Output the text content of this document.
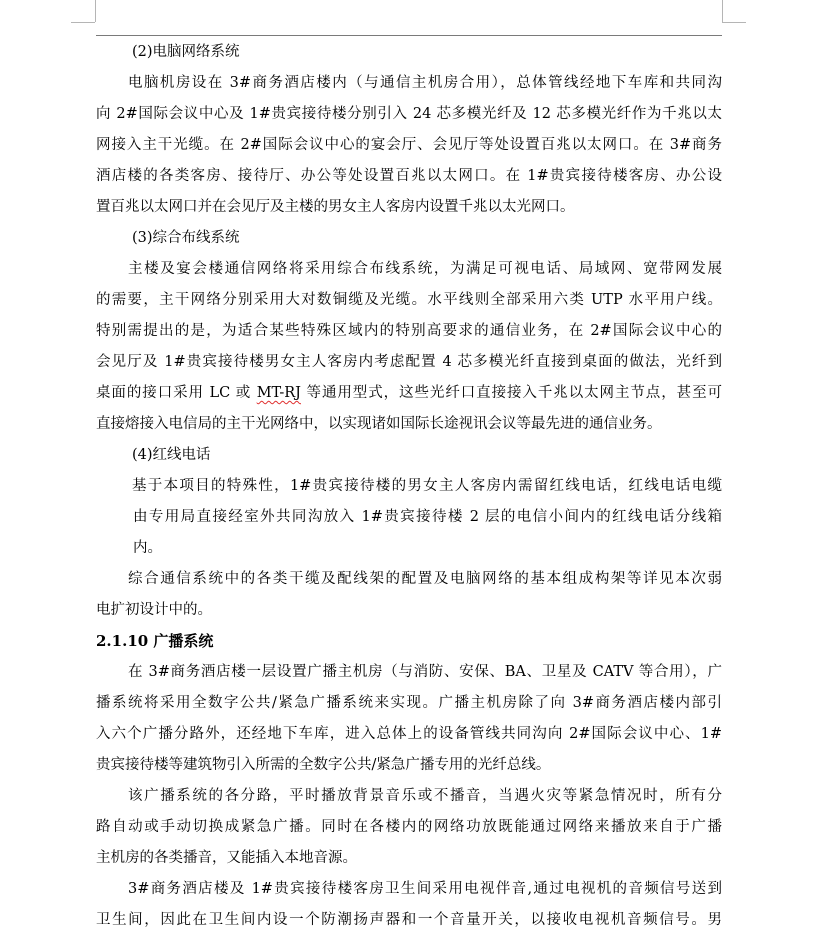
(2)电脑网络系统
电脑机房设在 3#商务酒店楼内（与通信主机房合用），总体管线经地下车库和共同沟
向 2#国际会议中心及 1#贵宾接待楼分别引入 24 芯多模光纤及 12 芯多模光纤作为千兆以太
网接入主干光缆。在 2#国际会议中心的宴会厅、会见厅等处设置百兆以太网口。在 3#商务
酒店楼的各类客房、接待厅、办公等处设置百兆以太网口。在 1#贵宾接待楼客房、办公设
置百兆以太网口并在会见厅及主楼的男女主人客房内设置千兆以太光网口。
(3)综合布线系统
主楼及宴会楼通信网络将采用综合布线系统，为满足可视电话、局域网、宽带网发展
的需要，主干网络分别采用大对数铜缆及光缆。水平线则全部采用六类 UTP 水平用户线。
特别需提出的是，为适合某些特殊区域内的特别高要求的通信业务，在 2#国际会议中心的
会见厅及 1#贵宾接待楼男女主人客房内考虑配置 4 芯多模光纤直接到桌面的做法，光纤到
桌面的接口采用 LC 或 MT-RJ 等通用型式，这些光纤口直接接入千兆以太网主节点，甚至可
直接熔接入电信局的主干光网络中，以实现诸如国际长途视讯会议等最先进的通信业务。
(4)红线电话
基于本项目的特殊性，1#贵宾接待楼的男女主人客房内需留红线电话，红线电话电缆
由专用局直接经室外共同沟放入 1#贵宾接待楼 2 层的电信小间内的红线电话分线箱
内。
综合通信系统中的各类干缆及配线架的配置及电脑网络的基本组成构架等详见本次弱
电扩初设计中的。
2.1.10 广播系统
在 3#商务酒店楼一层设置广播主机房（与消防、安保、BA、卫星及 CATV 等合用），广
播系统将采用全数字公共/紧急广播系统来实现。广播主机房除了向 3#商务酒店楼内部引
入六个广播分路外，还经地下车库，进入总体上的设备管线共同沟向 2#国际会议中心、1#
贵宾接待楼等建筑物引入所需的全数字公共/紧急广播专用的光纤总线。
该广播系统的各分路，平时播放背景音乐或不播音，当遇火灾等紧急情况时，所有分
路自动或手动切换成紧急广播。同时在各楼内的网络功放既能通过网络来播放来自于广播
主机房的各类播音，又能插入本地音源。
3#商务酒店楼及 1#贵宾接待楼客房卫生间采用电视伴音,通过电视机的音频信号送到
卫生间，因此在卫生间内设一个防潮扬声器和一个音量开关，以接收电视机音频信号。男
